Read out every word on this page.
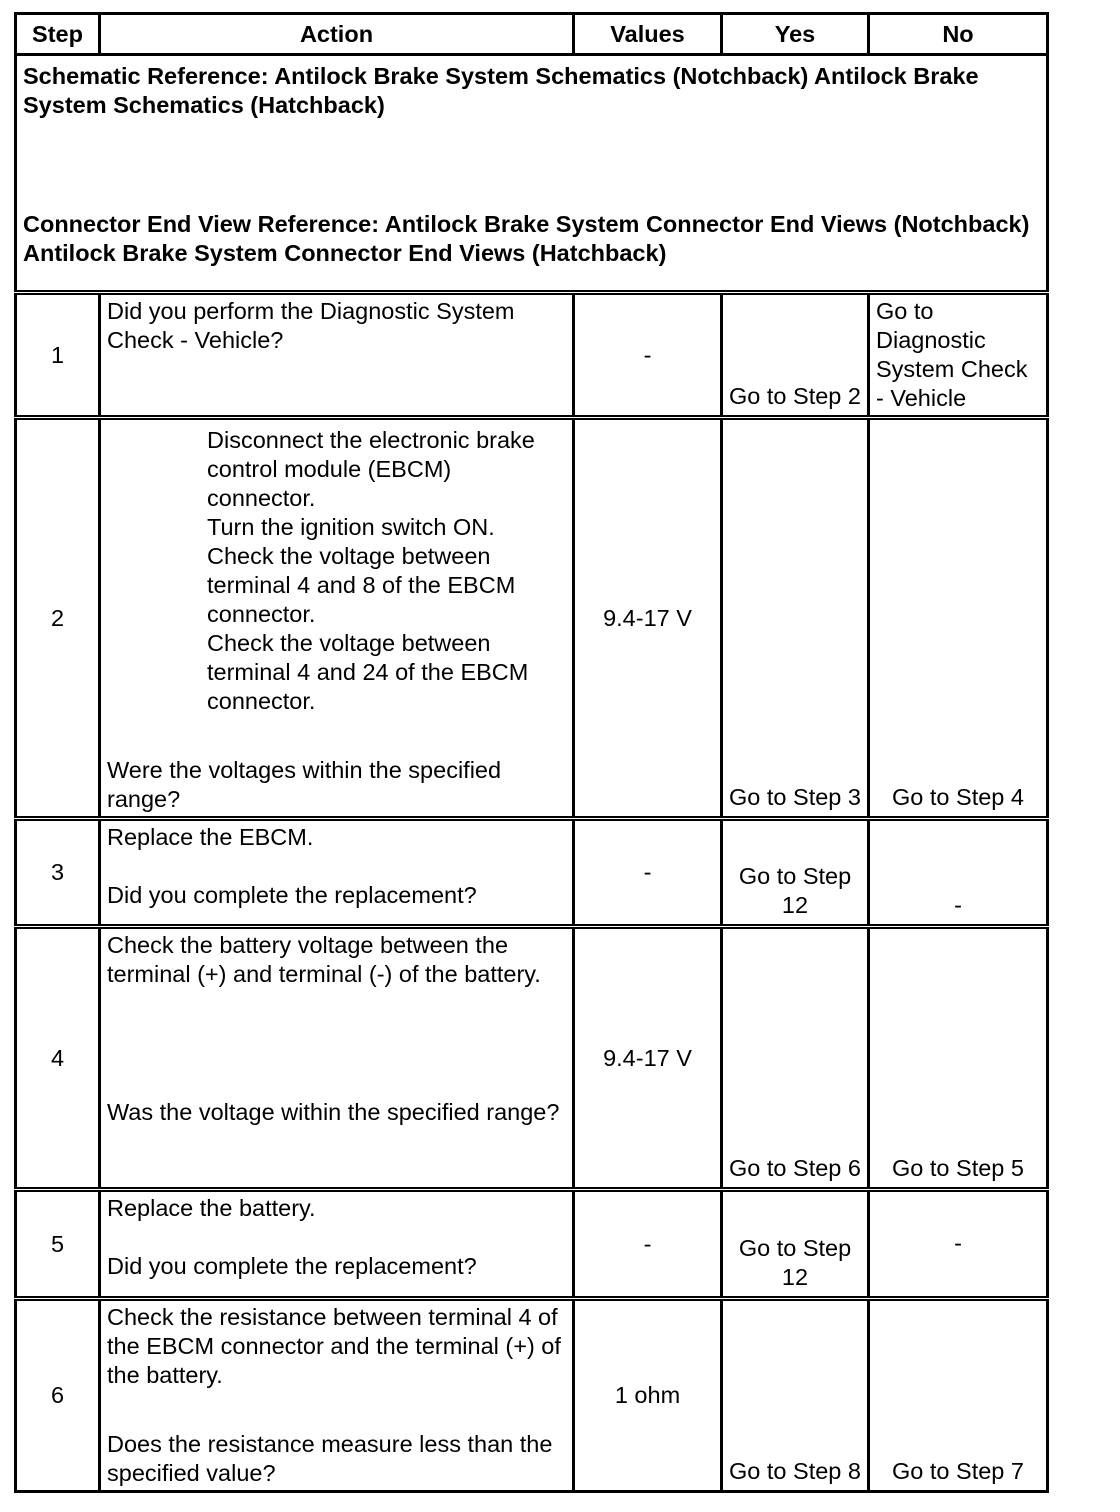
Step	Action	Values	Yes	No

Schematic Reference: Antilock Brake System Schematics (Notchback) Antilock Brake System Schematics (Hatchback)
Connector End View Reference: Antilock Brake System Connector End Views (Notchback) Antilock Brake System Connector End Views (Hatchback)				

1	Did you perform the Diagnostic System Check - Vehicle?	-	Go to Step 2	Go to Diagnostic System Check - Vehicle
2	Disconnect the electronic brake control module (EBCM) connector.
Turn the ignition switch ON.
Check the voltage between terminal 4 and 8 of the EBCM connector.
Check the voltage between terminal 4 and 24 of the EBCM connector.
Were the voltages within the specified range?	9.4-17 V	Go to Step 3	Go to Step 4
3	Replace the EBCM.
Did you complete the replacement?	-	Go to Step 12	-
4	Check the battery voltage between the terminal (+) and terminal (-) of the battery.
Was the voltage within the specified range?	9.4-17 V	Go to Step 6	Go to Step 5
5	Replace the battery.
Did you complete the replacement?	-	Go to Step 12	-
6	Check the resistance between terminal 4 of the EBCM connector and the terminal (+) of the battery.
Does the resistance measure less than the specified value?	1 ohm	Go to Step 8	Go to Step 7
